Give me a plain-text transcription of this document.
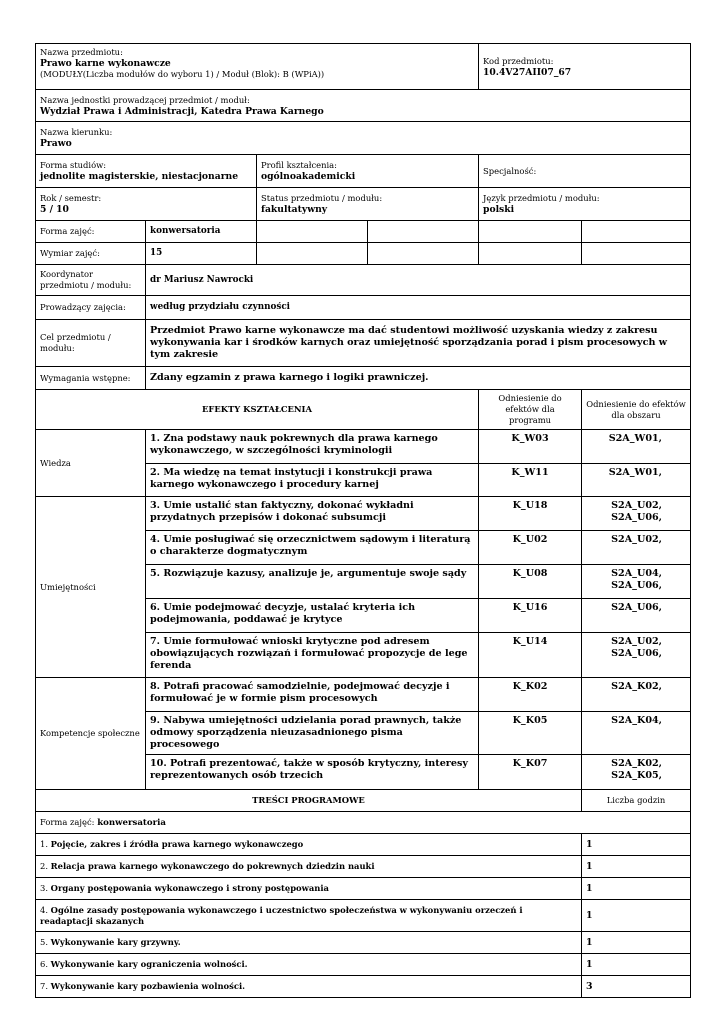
Nazwa przedmiotu:
Prawo karne wykonawcze
(MODUŁY(Liczba modułów do wyboru 1) / Moduł (Blok): B (WPiA))				Kod przedmiotu:
10.4V27AII07_67	

Nazwa jednostki prowadzącej przedmiot / moduł:
Wydział Prawa i Administracji, Katedra Prawa Karnego					

Nazwa kierunku:
Prawo					

Forma studiów:
jednolite magisterskie, niestacjonarne		Profil kształcenia:
ogólnoakademicki		Specjalność:	

Rok / semestr:
5 / 10		Status przedmiotu / modułu:
fakultatywny		Język przedmiotu / modułu:
polski	

Forma zajęć:	konwersatoria				
Wymiar zajęć:	15				
Koordynator przedmiotu / modułu:	dr Mariusz Nawrocki				
Prowadzący zajęcia:	według przydziału czynności				
Cel przedmiotu / modułu:	Przedmiot Prawo karne wykonawcze ma dać studentowi możliwość uzyskania wiedzy z zakresu wykonywania kar i środków karnych oraz umiejętność sporządzania porad i pism procesowych w tym zakresie				
Wymagania wstępne:	Zdany egzamin z prawa karnego i logiki prawniczej.				
EFEKTY KSZTAŁCENIA				Odniesienie do efektów dla programu	Odniesienie do efektów dla obszaru
Wiedza	1. Zna podstawy nauk pokrewnych dla prawa karnego wykonawczego, w szczególności kryminologii			K_W03	S2A_W01,
	2. Ma wiedzę na temat instytucji i konstrukcji prawa karnego wykonawczego i procedury karnej			K_W11	S2A_W01,
Umiejętności	3. Umie ustalić stan faktyczny, dokonać wykładni przydatnych przepisów i dokonać subsumcji			K_U18	S2A_U02,
S2A_U06,
	4. Umie posługiwać się orzecznictwem sądowym i literaturą o charakterze dogmatycznym			K_U02	S2A_U02,
	5. Rozwiązuje kazusy, analizuje je, argumentuje swoje sądy			K_U08	S2A_U04,
S2A_U06,
	6. Umie podejmować decyzje, ustalać kryteria ich podejmowania, poddawać je krytyce			K_U16	S2A_U06,
	7. Umie formułować wnioski krytyczne pod adresem obowiązujących rozwiązań i formułować propozycje de lege ferenda			K_U14	S2A_U02,
S2A_U06,
Kompetencje społeczne	8. Potrafi pracować samodzielnie, podejmować decyzje i formułować je w formie pism procesowych			K_K02	S2A_K02,
	9. Nabywa umiejętności udzielania porad prawnych, także odmowy sporządzenia nieuzasadnionego pisma procesowego			K_K05	S2A_K04,
	10. Potrafi prezentować, także w sposób krytyczny, interesy reprezentowanych osób trzecich			K_K07	S2A_K02,
S2A_K05,
TREŚCI PROGRAMOWE					Liczba godzin
Forma zajęć: konwersatoria					
1. Pojęcie, zakres i źródła prawa karnego wykonawczego					1
2. Relacja prawa karnego wykonawczego do pokrewnych dziedzin nauki					1
3. Organy postępowania wykonawczego i strony postępowania					1
4. Ogólne zasady postępowania wykonawczego i uczestnictwo społeczeństwa w wykonywaniu orzeczeń i readaptacji skazanych					1
5. Wykonywanie kary grzywny.					1
6. Wykonywanie kary ograniczenia wolności.					1
7. Wykonywanie kary pozbawienia wolności.					3
